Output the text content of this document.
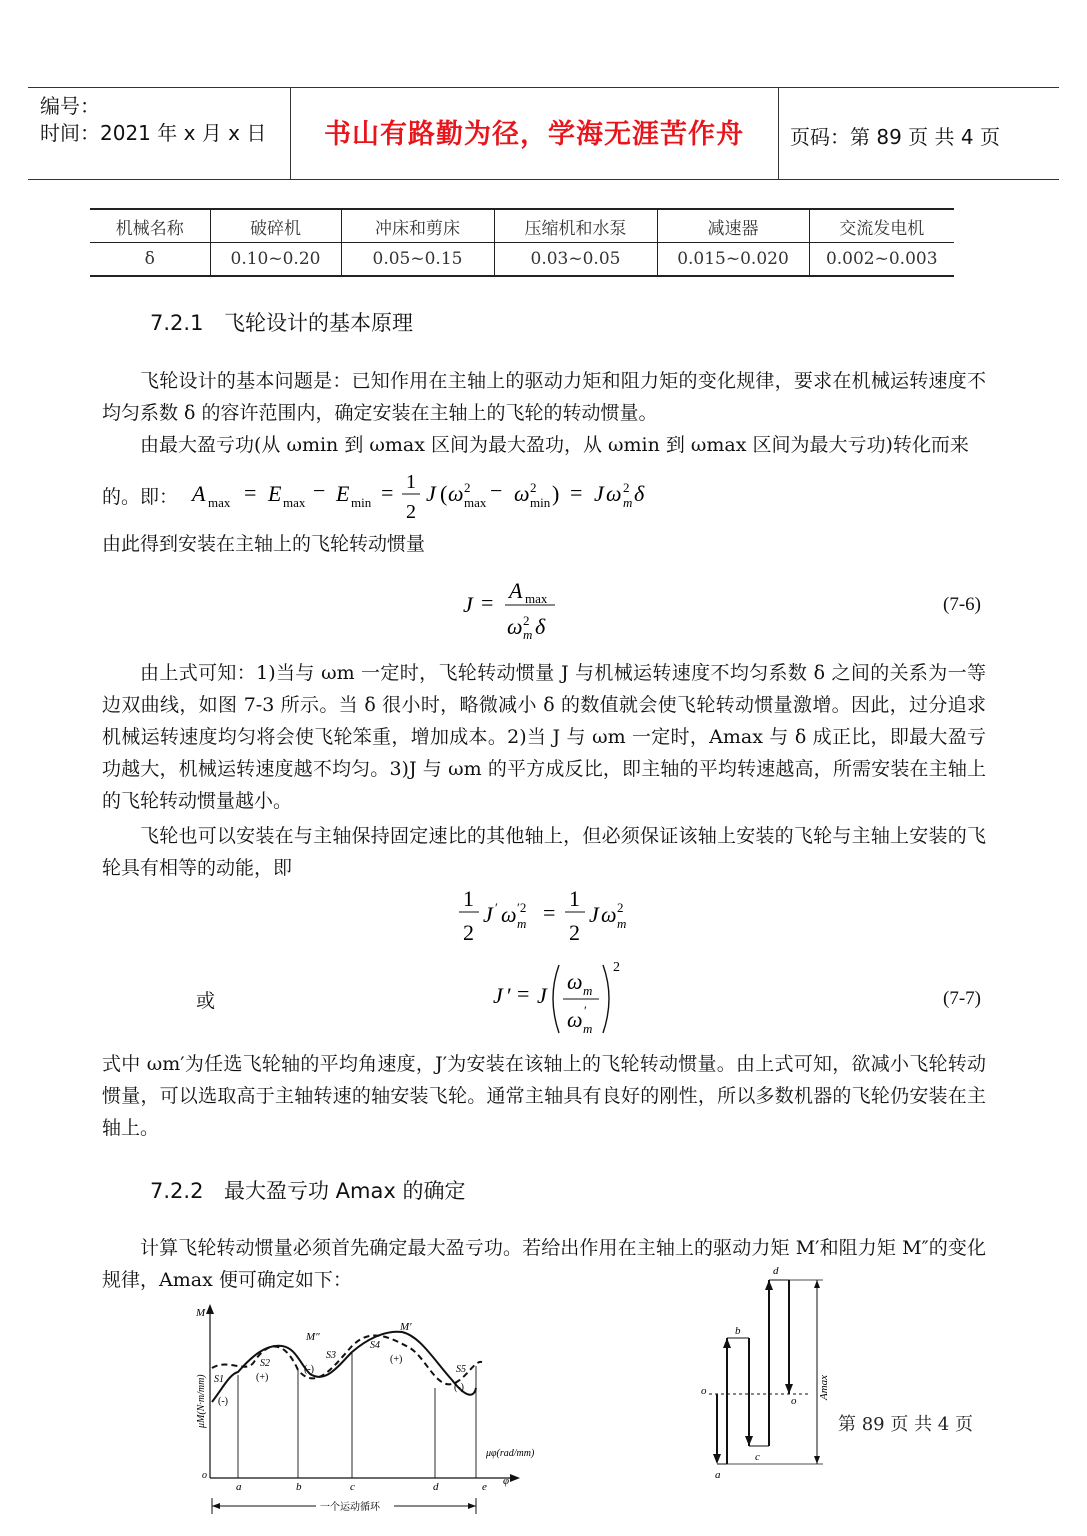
编号：
时间：2021 年 x 月 x 日	书山有路勤为径，学海无涯苦作舟	页码：第 89 页 共 4 页
机械名称	破碎机	冲床和剪床	压缩机和水泵	减速器	交流发电机
δ	0.10~0.20	0.05~0.15	0.03~0.05	0.015~0.020	0.002~0.003
7.2.1 飞轮设计的基本原理

飞轮设计的基本问题是：已知作用在主轴上的驱动力矩和阻力矩的变化规律，要求在机械运转速度不均匀系数 δ 的容许范围内，确定安装在主轴上的飞轮的转动惯量。

由最大盈亏功(从 ωmin 到 ωmax 区间为最大盈功，从 ωmin 到 ωmax 区间为最大亏功)转化而来

的。即： A max = E max − E min = 1
2
J ( ω 2
max − ω 2
min ) = J ω 2
m δ
由此得到安装在主轴上的飞轮转动惯量
J = A max
ω 2
m δ
(7-6)

由上式可知：1)当与 ωm 一定时，飞轮转动惯量 J 与机械运转速度不均匀系数 δ 之间的关系为一等边双曲线，如图 7-3 所示。当 δ 很小时，略微减小 δ 的数值就会使飞轮转动惯量激增。因此，过分追求机械运转速度均匀将会使飞轮笨重，增加成本。2)当 J 与 ωm 一定时，Amax 与 δ 成正比，即最大盈亏功越大，机械运转速度越不均匀。3)J 与 ωm 的平方成反比，即主轴的平均转速越高，所需安装在主轴上的飞轮转动惯量越小。

飞轮也可以安装在与主轴保持固定速比的其他轴上，但必须保证该轴上安装的飞轮与主轴上安装的飞轮具有相等的动能，即

1
2
J ′ ω ′2
m =
1
2
J ω 2
m
或	J ′ = J
ω m
ω ′
m
2
(7-7)

式中 ωm′为任选飞轮轴的平均角速度，J′为安装在该轴上的飞轮转动惯量。由上式可知，欲减小飞轮转动惯量，可以选取高于主轴转速的轴安装飞轮。通常主轴具有良好的刚性，所以多数机器的飞轮仍安装在主轴上。

7.2.2 最大盈亏功 Amax 的确定

计算飞轮转动惯量必须首先确定最大盈亏功。若给出作用在主轴上的驱动力矩 M′和阻力矩 M″的变化规律，Amax 便可确定如下：

M
μM(N·m/mm)
μφ(rad/mm)
φ
o
a	b	c	d	e
M′
M″
S1
S2
S3
S4
S5
(-)
(+)
(-)
(+)
(-)
一个运动循环
o
a
b
c
d
o
Amax
第 89 页 共 4 页
